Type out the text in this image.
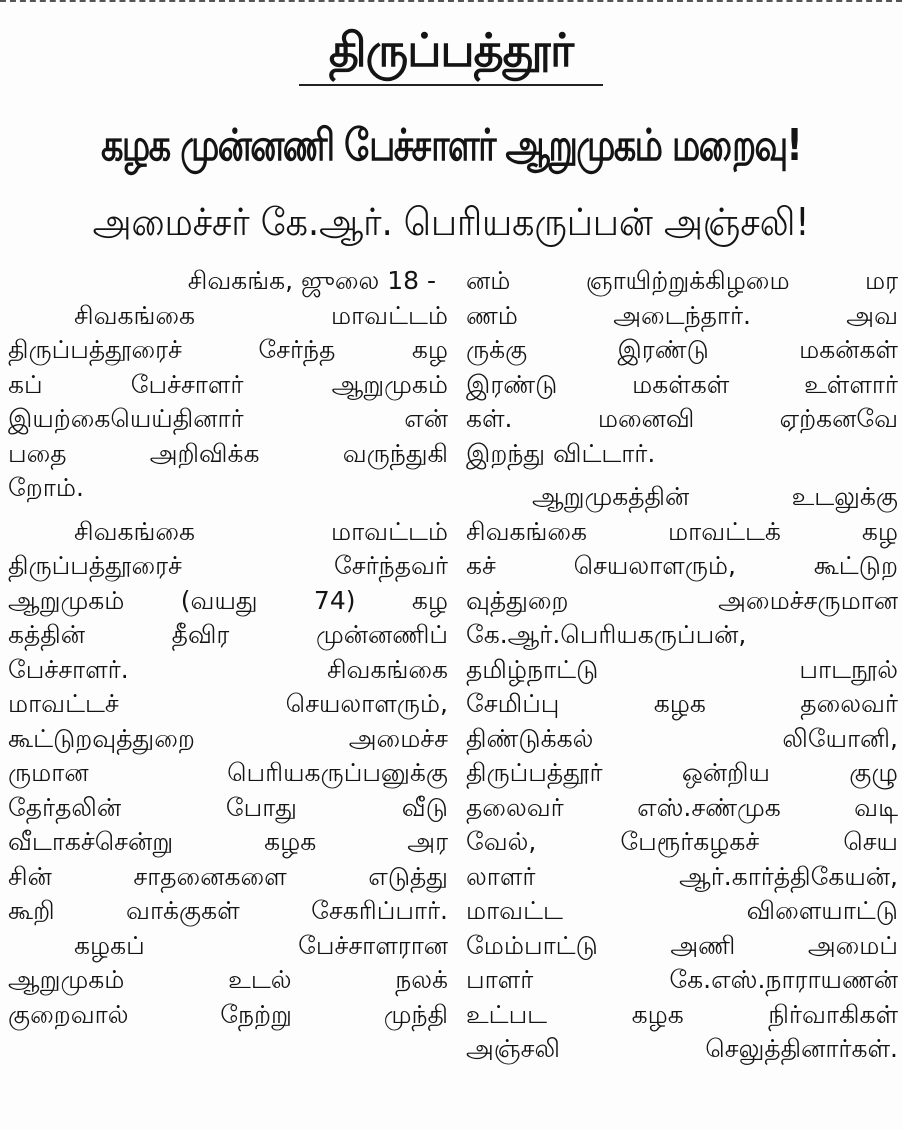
திருப்பத்தூர்
கழக முன்னணி பேச்சாளர் ஆறுமுகம் மறைவு!
அமைச்சர் கே.ஆர். பெரியகருப்பன் அஞ்சலி!
சிவகங்க, ஜுலை 18 -
சிவகங்கை மாவட்டம்
திருப்பத்தூரைச் சேர்ந்த கழ
கப் பேச்சாளர் ஆறுமுகம்
இயற்கையெய்தினார் என்
பதை அறிவிக்க வருந்துகி
றோம்.
சிவகங்கை மாவட்டம்
திருப்பத்தூரைச் சேர்ந்தவர்
ஆறுமுகம் (வயது 74) கழ
கத்தின் தீவிர முன்னணிப்
பேச்சாளர். சிவகங்கை
மாவட்டச் செயலாளரும்,
கூட்டுறவுத்துறை அமைச்ச
ருமான பெரியகருப்பனுக்கு
தேர்தலின் போது வீடு
வீடாகச்சென்று கழக அர
சின் சாதனைகளை எடுத்து
கூறி வாக்குகள் சேகரிப்பார்.
கழகப் பேச்சாளரான
ஆறுமுகம் உடல் நலக்
குறைவால் நேற்று முந்தி
னம் ஞாயிற்றுக்கிழமை மர
ணம் அடைந்தார். அவ
ருக்கு இரண்டு மகன்கள்
இரண்டு மகள்கள் உள்ளார்
கள். மனைவி ஏற்கனவே
இறந்து விட்டார்.
ஆறுமுகத்தின் உடலுக்கு
சிவகங்கை மாவட்டக் கழ
கச் செயலாளரும், கூட்டுற
வுத்துறை அமைச்சருமான
கே.ஆர்.பெரியகருப்பன்,
தமிழ்நாட்டு பாடநூல்
சேமிப்பு கழக தலைவர்
திண்டுக்கல் லியோனி,
திருப்பத்தூர் ஒன்றிய குழு
தலைவர் எஸ்.சண்முக வடி
வேல், பேரூர்கழகச் செய
லாளர் ஆர்.கார்த்திகேயன்,
மாவட்ட விளையாட்டு
மேம்பாட்டு அணி அமைப்
பாளர் கே.எஸ்.நாராயணன்
உட்பட கழக நிர்வாகிகள்
அஞ்சலி செலுத்தினார்கள்.
